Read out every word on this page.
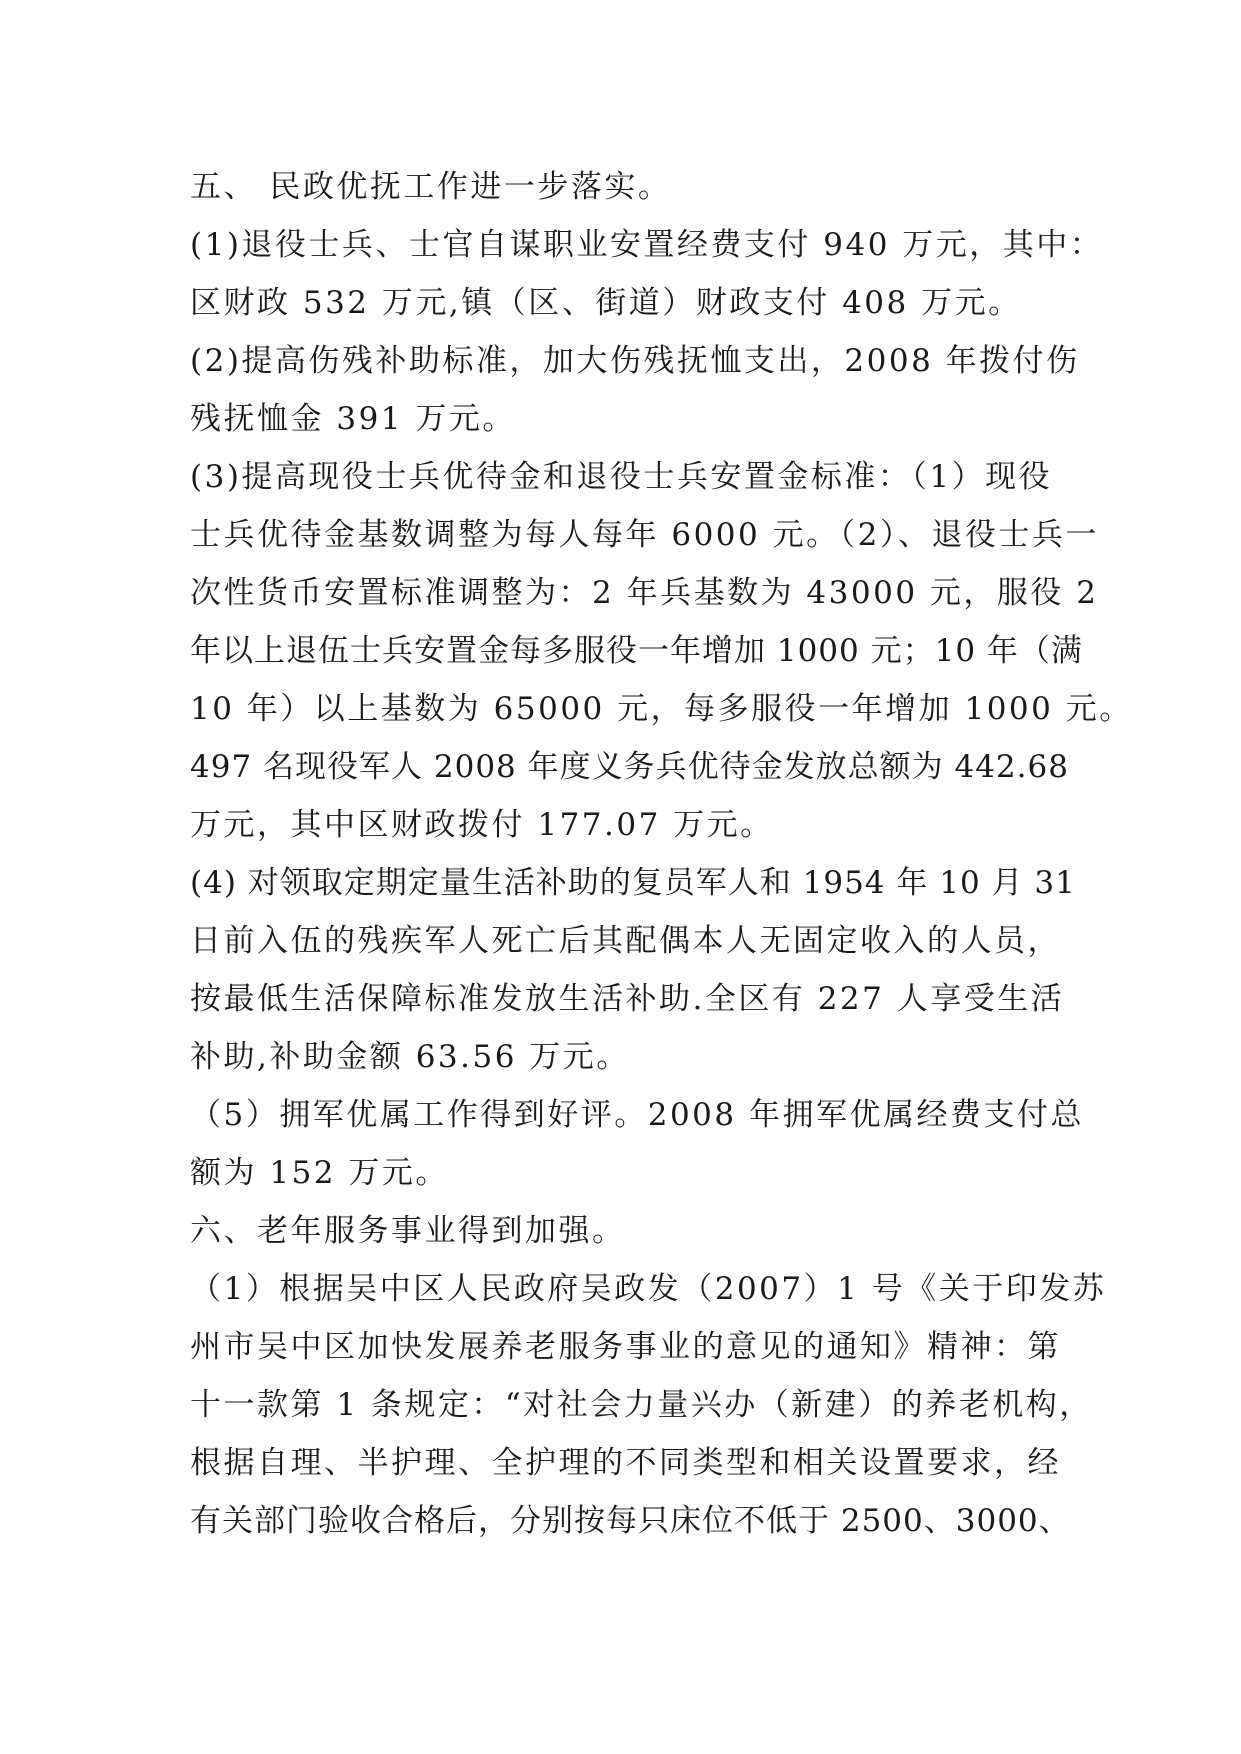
五、 民政优抚工作进一步落实。
(1)退役士兵、士官自谋职业安置经费支付 940 万元，其中：
区财政 532 万元,镇（区、街道）财政支付 408 万元。
(2)提高伤残补助标准，加大伤残抚恤支出，2008 年拨付伤
残抚恤金 391 万元。
(3)提高现役士兵优待金和退役士兵安置金标准：（1）现役
士兵优待金基数调整为每人每年 6000 元。（2）、退役士兵一
次性货币安置标准调整为：2 年兵基数为 43000 元，服役 2
年以上退伍士兵安置金每多服役一年增加 1000 元；10 年（满
10 年）以上基数为 65000 元，每多服役一年增加 1000 元。
497 名现役军人 2008 年度义务兵优待金发放总额为 442.68
万元，其中区财政拨付 177.07 万元。
(4) 对领取定期定量生活补助的复员军人和 1954 年 10 月 31
日前入伍的残疾军人死亡后其配偶本人无固定收入的人员，
按最低生活保障标准发放生活补助.全区有 227 人享受生活
补助,补助金额 63.56 万元。
（5）拥军优属工作得到好评。2008 年拥军优属经费支付总
额为 152 万元。
六、老年服务事业得到加强。
（1）根据吴中区人民政府吴政发（2007）1 号《关于印发苏
州市吴中区加快发展养老服务事业的意见的通知》精神：第
十一款第 1 条规定：“对社会力量兴办（新建）的养老机构，
根据自理、半护理、全护理的不同类型和相关设置要求，经
有关部门验收合格后，分别按每只床位不低于 2500、3000、
